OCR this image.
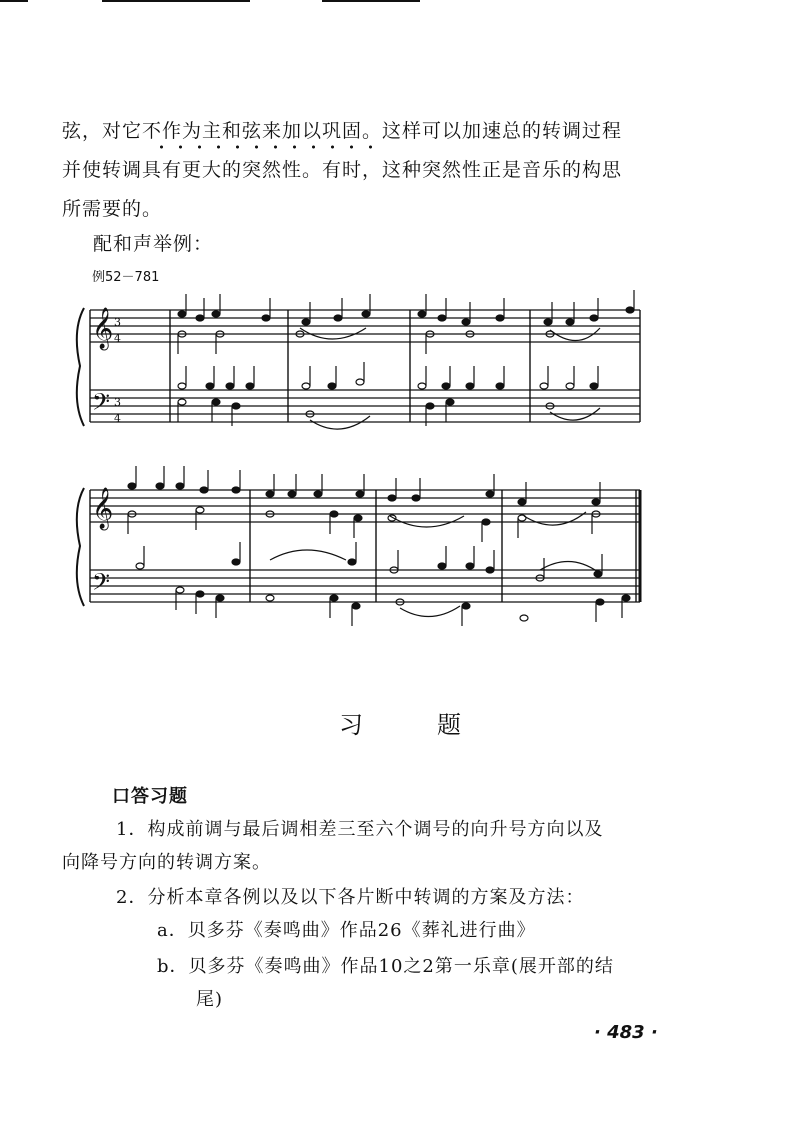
弦，对它不作为主和弦来加以巩固。这样可以加速总的转调过程

并使转调具有更大的突然性。有时，这种突然性正是音乐的构思

所需要的。

配和声举例：
例52－781
𝄞
𝄢
3
4
3
4
𝄞
𝄢
习题
口答习题

1．构成前调与最后调相差三至六个调号的向升号方向以及

向降号方向的转调方案。

2．分析本章各例以及以下各片断中转调的方案及方法：

a．贝多芬《奏鸣曲》作品26《葬礼进行曲》

b．贝多芬《奏鸣曲》作品10之2第一乐章(展开部的结

尾)

· 483 ·
